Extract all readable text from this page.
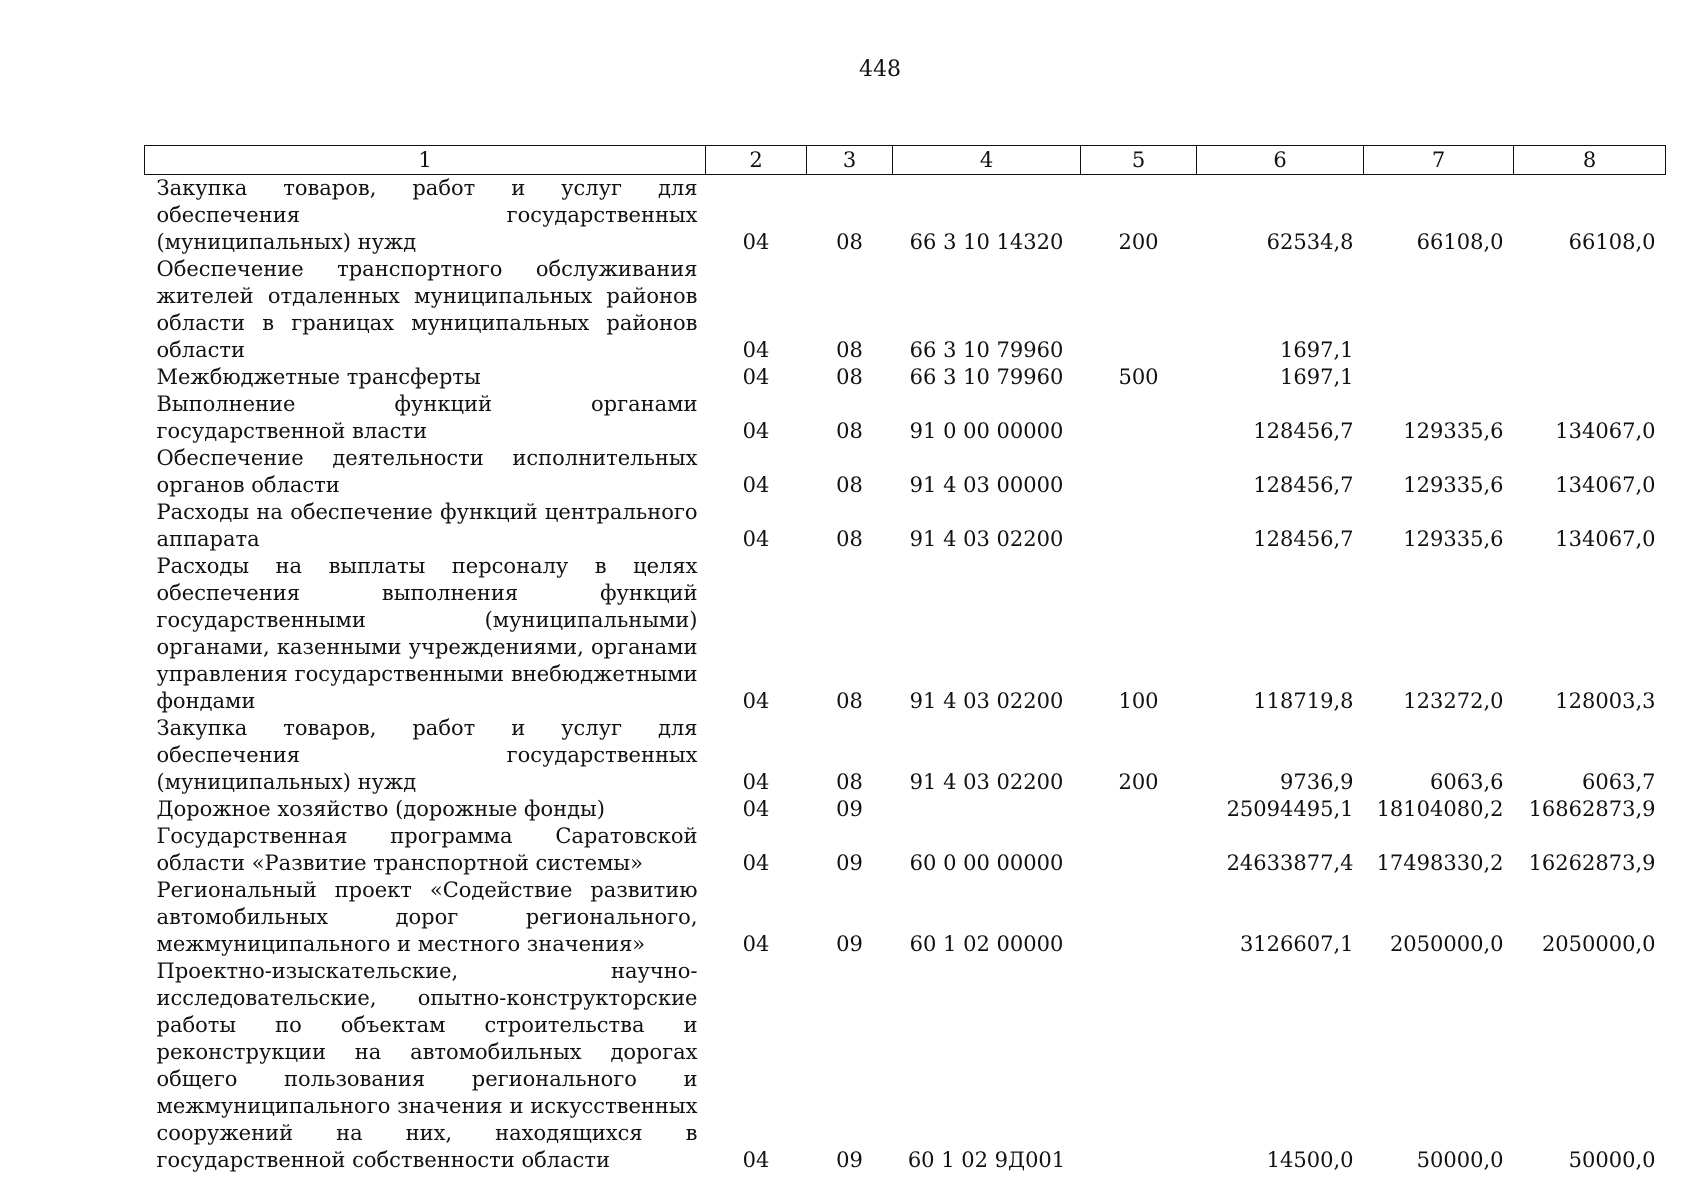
448
1	2	3	4	5	6	7	8
Закупка товаров, работ и услуг для обеспечения государственных (муниципальных) нужд	04	08	66 3 10 14320	200	62534,8	66108,0	66108,0
Обеспечение транспортного обслуживания жителей отдаленных муниципальных районов области в границах муниципальных районов области	04	08	66 3 10 79960		1697,1		
Межбюджетные трансферты	04	08	66 3 10 79960	500	1697,1		
Выполнение функций органами государственной власти	04	08	91 0 00 00000		128456,7	129335,6	134067,0
Обеспечение деятельности исполнительных органов области	04	08	91 4 03 00000		128456,7	129335,6	134067,0
Расходы на обеспечение функций центрального аппарата	04	08	91 4 03 02200		128456,7	129335,6	134067,0
Расходы на выплаты персоналу в целях обеспечения выполнения функций государственными (муниципальными) органами, казенными учреждениями, органами управления государственными внебюджетными фондами	04	08	91 4 03 02200	100	118719,8	123272,0	128003,3
Закупка товаров, работ и услуг для обеспечения государственных (муниципальных) нужд	04	08	91 4 03 02200	200	9736,9	6063,6	6063,7
Дорожное хозяйство (дорожные фонды)	04	09			25094495,1	18104080,2	16862873,9
Государственная программа Саратовской области «Развитие транспортной системы»	04	09	60 0 00 00000		24633877,4	17498330,2	16262873,9
Региональный проект «Содействие развитию автомобильных дорог регионального, межмуниципального и местного значения»	04	09	60 1 02 00000		3126607,1	2050000,0	2050000,0
Проектно-изыскательские, научно-исследовательские, опытно-конструкторские работы по объектам строительства и реконструкции на автомобильных дорогах общего пользования регионального и межмуниципального значения и искусственных сооружений на них, находящихся в государственной собственности области	04	09	60 1 02 9Д001		14500,0	50000,0	50000,0
